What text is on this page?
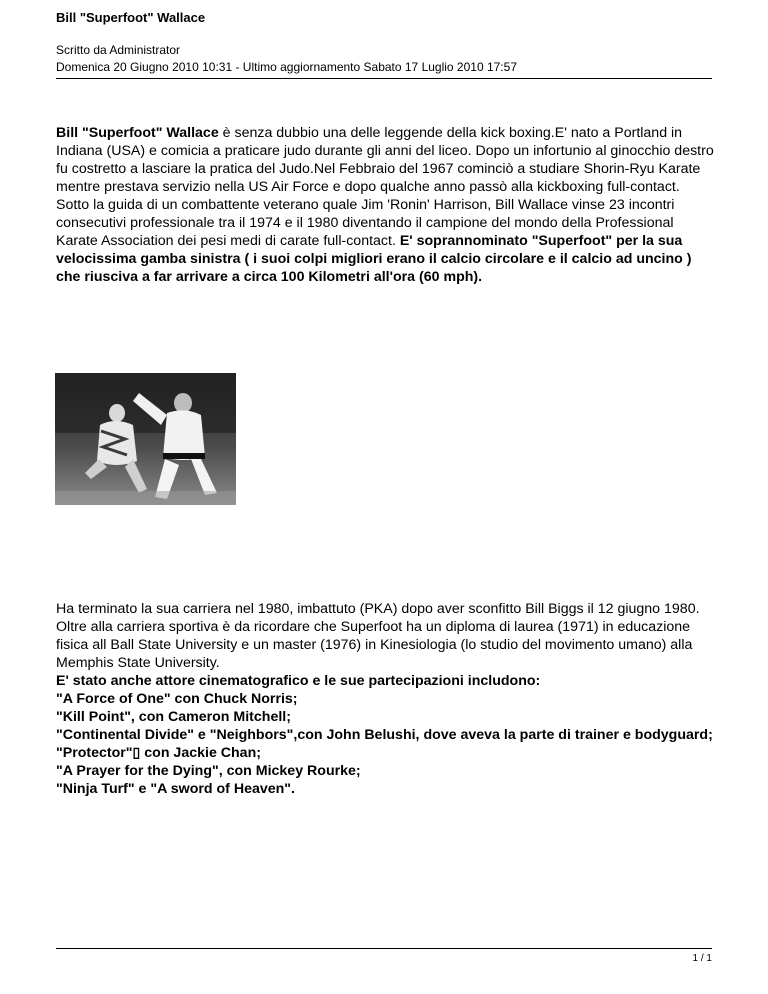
Bill "Superfoot" Wallace
Scritto da Administrator
Domenica 20 Giugno 2010 10:31 - Ultimo aggiornamento Sabato 17 Luglio 2010 17:57
Bill "Superfoot" Wallace è senza dubbio una delle leggende della kick boxing.E' nato a Portland in Indiana (USA) e comicia a praticare judo durante gli anni del liceo. Dopo un infortunio al ginocchio destro fu costretto a lasciare la pratica del Judo.Nel Febbraio del 1967 cominciò a studiare Shorin-Ryu Karate mentre prestava servizio nella US Air Force e dopo qualche anno passò alla kickboxing full-contact.
Sotto la guida di un combattente veterano quale Jim 'Ronin' Harrison, Bill Wallace vinse 23 incontri consecutivi professionale tra il 1974 e il 1980 diventando il campione del mondo della Professional Karate Association dei pesi medi di carate full-contact. E' soprannominato "Superfoot" per la sua velocissima gamba sinistra ( i suoi colpi migliori erano il calcio circolare e il calcio ad uncino ) che riusciva a far arrivare a circa 100 Kilometri all'ora (60 mph).
Ha terminato la sua carriera nel 1980, imbattuto (PKA) dopo aver sconfitto Bill Biggs il 12 giugno 1980.
Oltre alla carriera sportiva è da ricordare che Superfoot ha un diploma di laurea (1971) in educazione fisica all Ball State University e un master (1976) in Kinesiologia (lo studio del movimento umano) alla Memphis State University.
E' stato anche attore cinematografico e le sue partecipazioni includono:
"A Force of One" con Chuck Norris;
"Kill Point", con Cameron Mitchell;
"Continental Divide" e "Neighbors",con John Belushi, dove aveva la parte di trainer e bodyguard;
"Protector"▯ con Jackie Chan;
"A Prayer for the Dying", con Mickey Rourke;
"Ninja Turf" e "A sword of Heaven".
1 / 1
